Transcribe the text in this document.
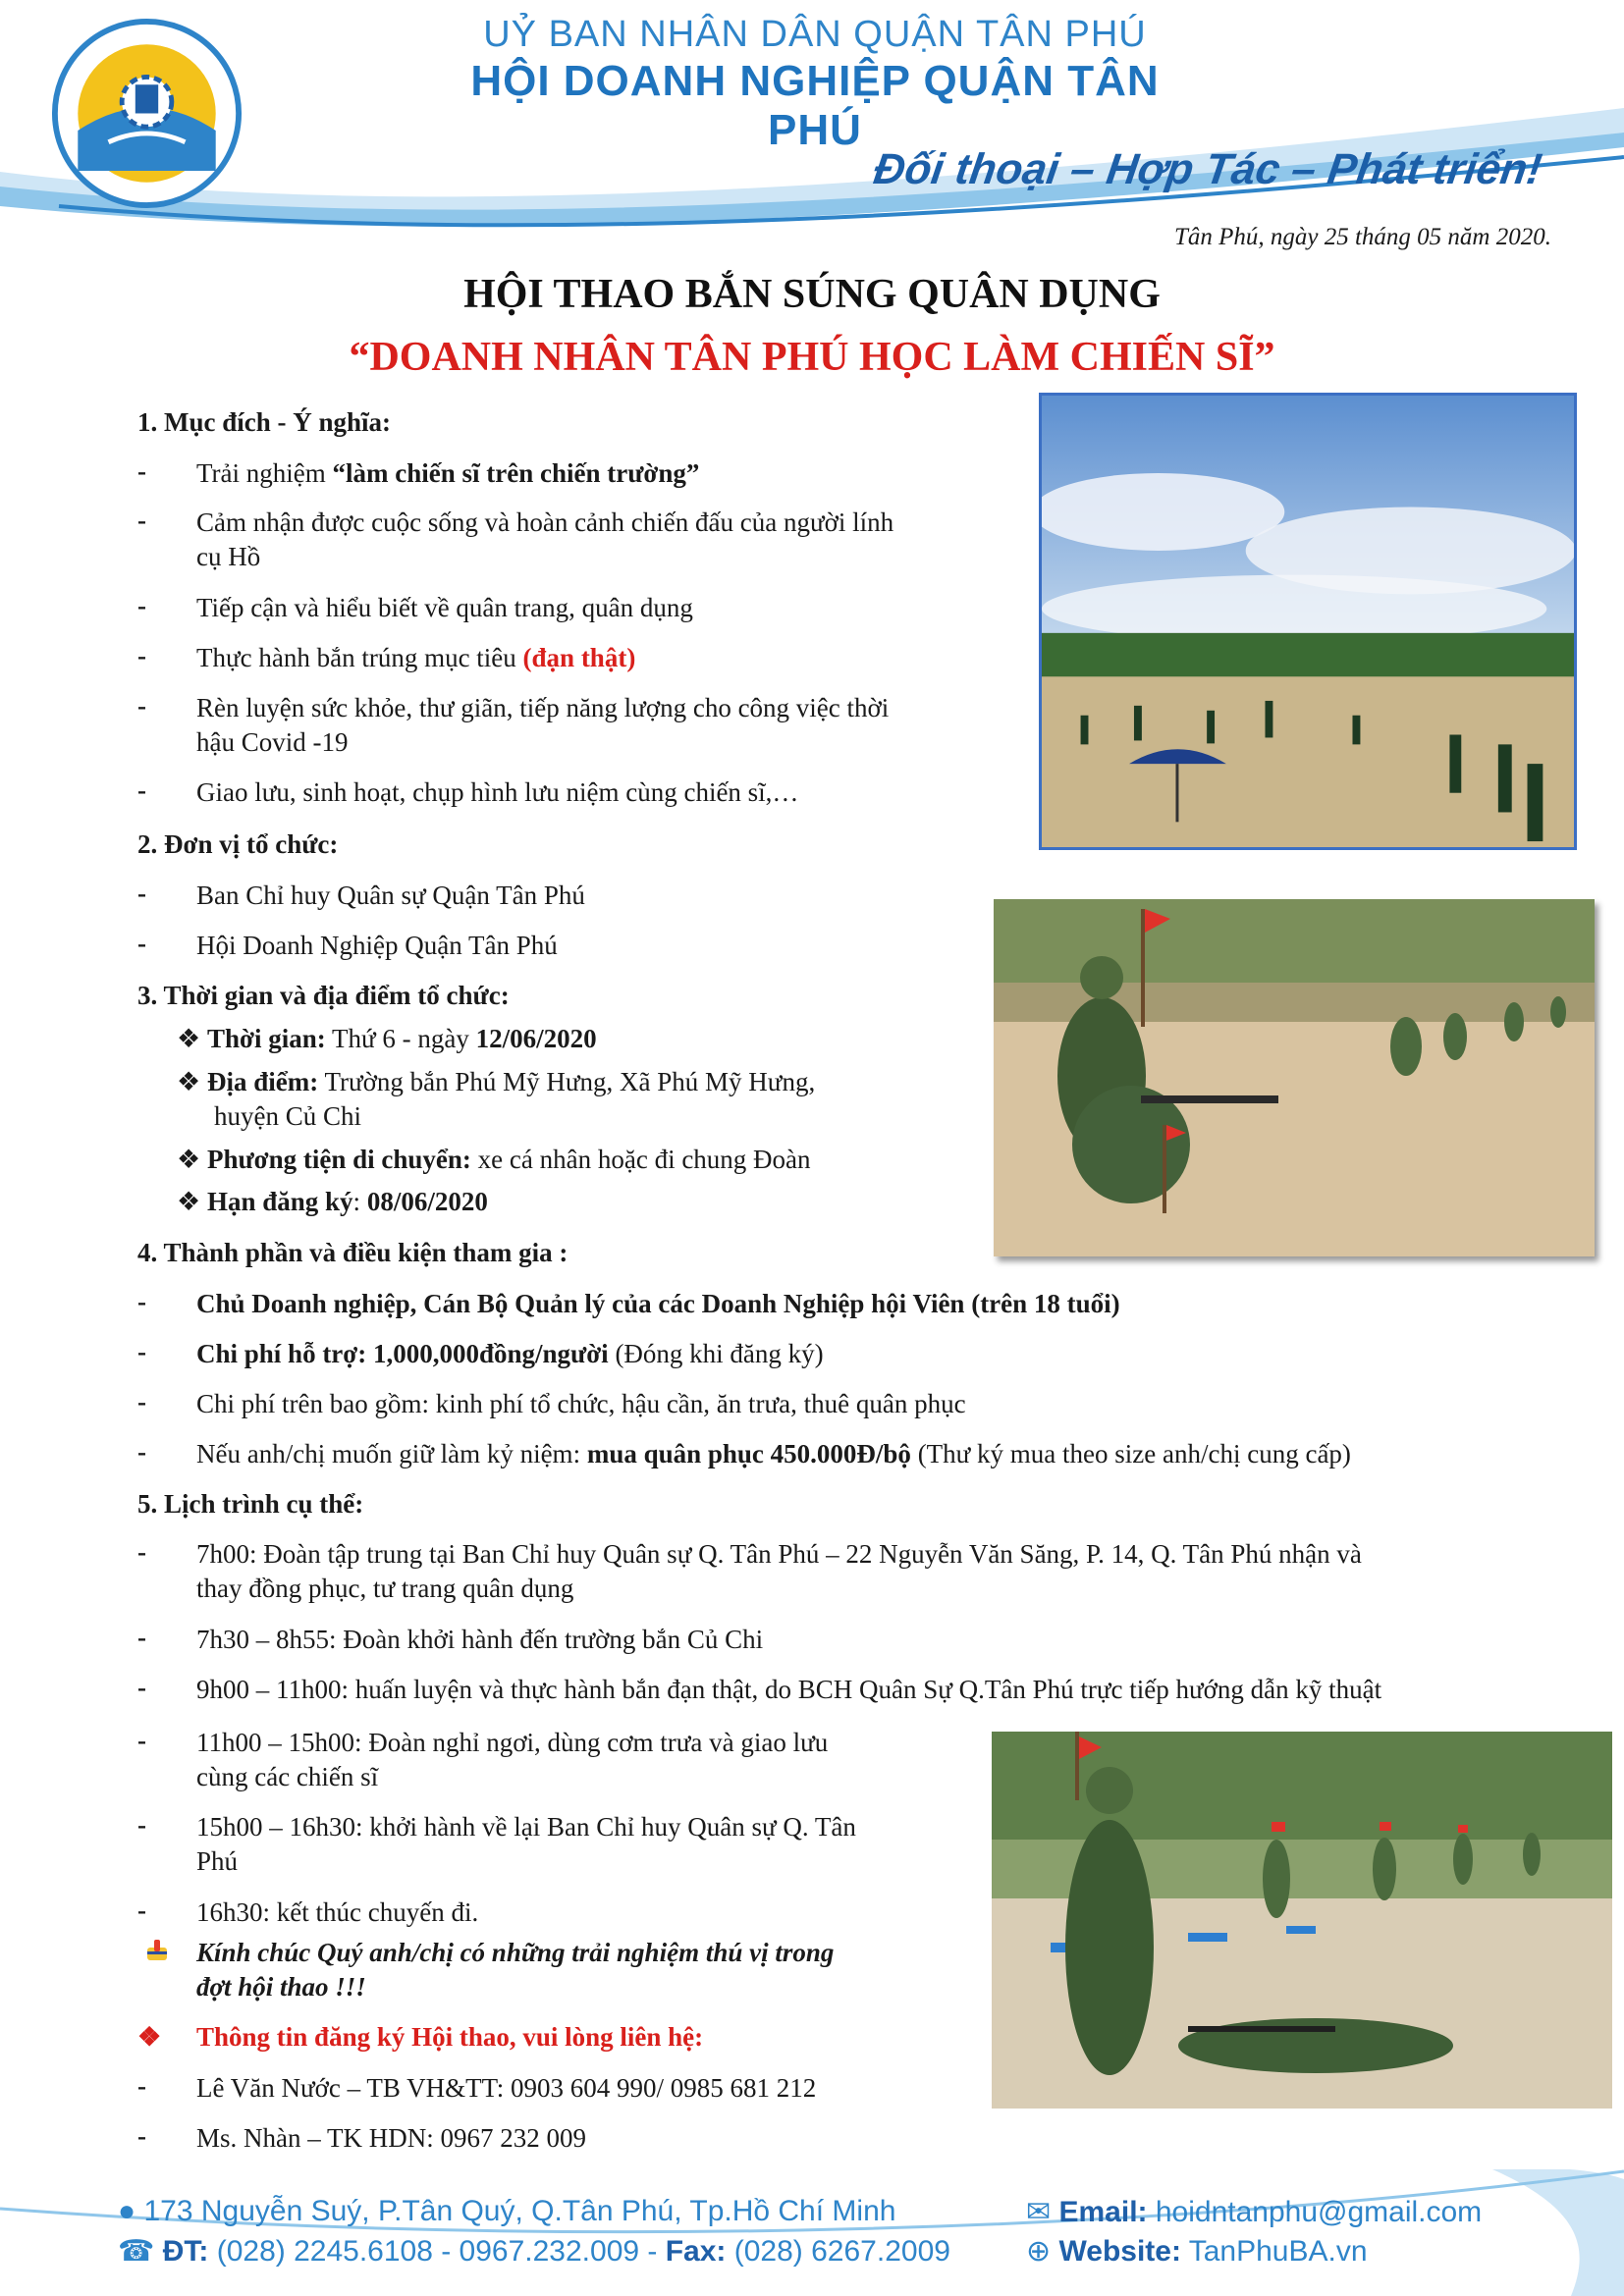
UỶ BAN NHÂN DÂN QUẬN TÂN PHÚ
HỘI DOANH NGHIỆP QUẬN TÂN PHÚ
Đối thoại – Hợp Tác – Phát triển!
Tân Phú, ngày 25 tháng 05 năm 2020.
HỘI THAO BẮN SÚNG QUÂN DỤNG
“DOANH NHÂN TÂN PHÚ HỌC LÀM CHIẾN SĨ”
1. Mục đích - Ý nghĩa:
- Trải nghiệm “làm chiến sĩ trên chiến trường”
- Cảm nhận được cuộc sống và hoàn cảnh chiến đấu của người lính
cụ Hồ
- Tiếp cận và hiểu biết về quân trang, quân dụng
- Thực hành bắn trúng mục tiêu (đạn thật)
- Rèn luyện sức khỏe, thư giãn, tiếp năng lượng cho công việc thời
hậu Covid -19
- Giao lưu, sinh hoạt, chụp hình lưu niệm cùng chiến sĩ,…
2. Đơn vị tổ chức:
- Ban Chỉ huy Quân sự Quận Tân Phú
- Hội Doanh Nghiệp Quận Tân Phú
3. Thời gian và địa điểm tổ chức:
❖ Thời gian: Thứ 6 - ngày 12/06/2020
❖ Địa điểm: Trường bắn Phú Mỹ Hưng, Xã Phú Mỹ Hưng,
huyện Củ Chi
❖ Phương tiện di chuyển: xe cá nhân hoặc đi chung Đoàn
❖ Hạn đăng ký: 08/06/2020
4. Thành phần và điều kiện tham gia :
- Chủ Doanh nghiệp, Cán Bộ Quản lý của các Doanh Nghiệp hội Viên (trên 18 tuổi)
- Chi phí hỗ trợ: 1,000,000đồng/người (Đóng khi đăng ký)
- Chi phí trên bao gồm: kinh phí tổ chức, hậu cần, ăn trưa, thuê quân phục
- Nếu anh/chị muốn giữ làm kỷ niệm: mua quân phục 450.000Đ/bộ (Thư ký mua theo size anh/chị cung cấp)
5. Lịch trình cụ thể:
- 7h00: Đoàn tập trung tại Ban Chỉ huy Quân sự Q. Tân Phú – 22 Nguyễn Văn Săng, P. 14, Q. Tân Phú nhận và
thay đồng phục, tư trang quân dụng
- 7h30 – 8h55: Đoàn khởi hành đến trường bắn Củ Chi
- 9h00 – 11h00: huấn luyện và thực hành bắn đạn thật, do BCH Quân Sự Q.Tân Phú trực tiếp hướng dẫn kỹ thuật
- 11h00 – 15h00: Đoàn nghỉ ngơi, dùng cơm trưa và giao lưu
cùng các chiến sĩ
- 15h00 – 16h30: khởi hành về lại Ban Chỉ huy Quân sự Q. Tân
Phú
- 16h30: kết thúc chuyến đi.
Kính chúc Quý anh/chị có những trải nghiệm thú vị trong
đợt hội thao !!!
❖ Thông tin đăng ký Hội thao, vui lòng liên hệ:
- Lê Văn Nước – TB VH&TT: 0903 604 990/ 0985 681 212
- Ms. Nhàn – TK HDN: 0967 232 009
● 173 Nguyễn Suý, P.Tân Quý, Q.Tân Phú, Tp.Hồ Chí Minh
☎ ĐT: (028) 2245.6108 - 0967.232.009 - Fax: (028) 6267.2009
✉ Email: hoidntanphu@gmail.com
⊕ Website: TanPhuBA.vn
